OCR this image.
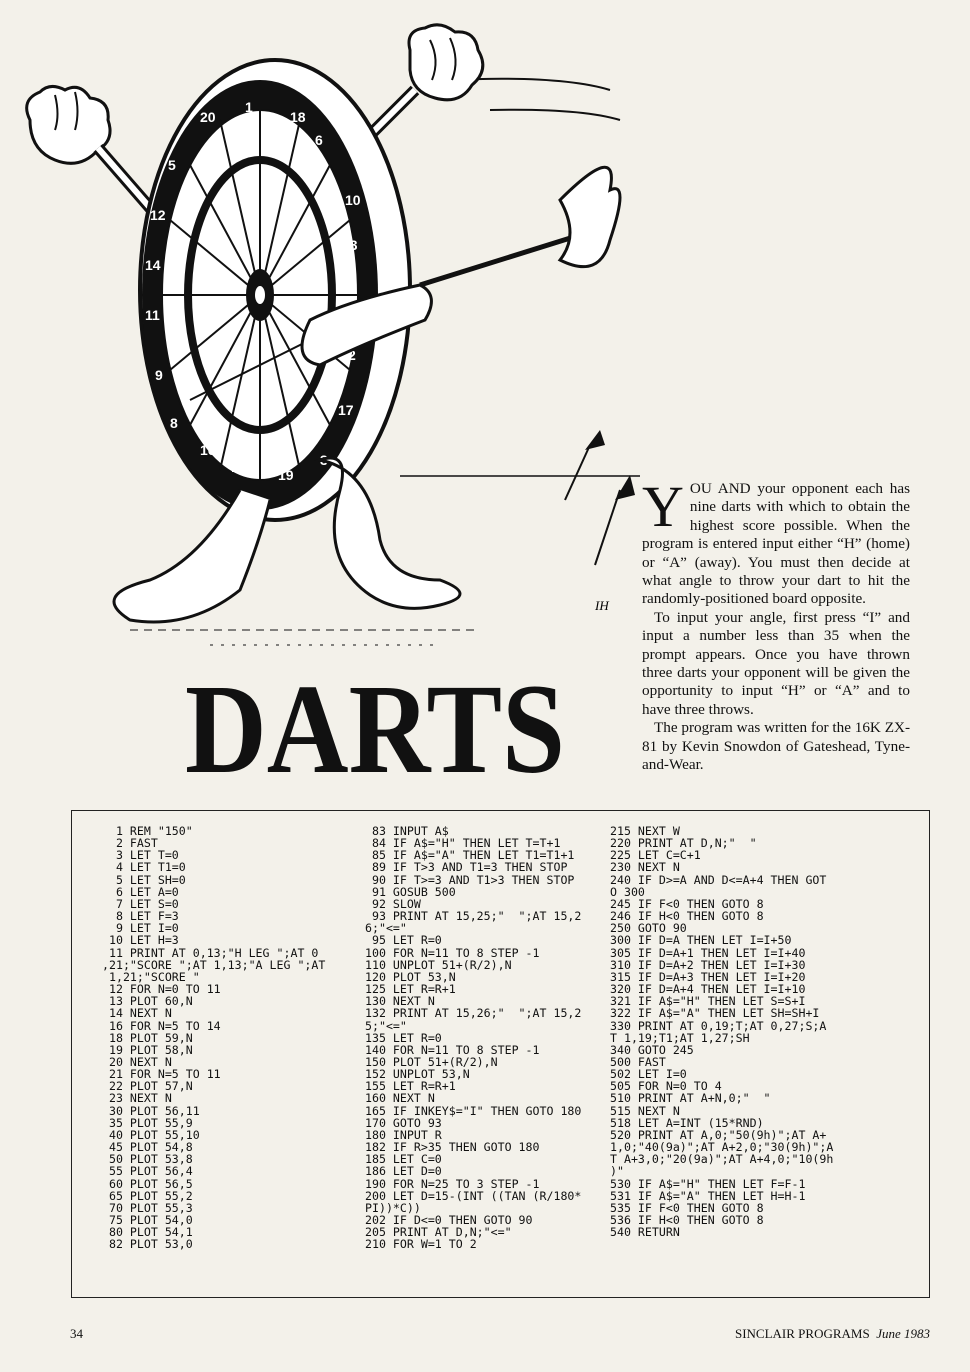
20
1
18
4
13
5
12
9
14
11
8
16
7	19
17
2
10
6
IH
DARTS

YOU AND your opponent each has nine darts with which to obtain the highest score possible. When the program is entered input either “H” (home) or “A” (away). You must then decide at what angle to throw your dart to hit the randomly-positioned board opposite.

To input your angle, first press “I” and input a number less than 35 when the prompt appears. Once you have thrown three darts your opponent will be given the opportunity to input “H” or “A” and to have three throws.

The program was written for the 16K ZX-81 by Kevin Snowdon of Gateshead, Tyne-and-Wear.

1 REM "150"
2 FAST
3 LET T=0
4 LET T1=0
5 LET SH=0
6 LET A=0
7 LET S=0
8 LET F=3
9 LET I=0
10 LET H=3
11 PRINT AT 0,13;"H LEG ";AT 0
,21;"SCORE ";AT 1,13;"A LEG ";AT
1,21;"SCORE "
12 FOR N=0 TO 11
13 PLOT 60,N
14 NEXT N
16 FOR N=5 TO 14
18 PLOT 59,N
19 PLOT 58,N
20 NEXT N
21 FOR N=5 TO 11
22 PLOT 57,N
23 NEXT N
30 PLOT 56,11
35 PLOT 55,9
40 PLOT 55,10
45 PLOT 54,8
50 PLOT 53,8
55 PLOT 56,4
60 PLOT 56,5
65 PLOT 55,2
70 PLOT 55,3
75 PLOT 54,0
80 PLOT 54,1
82 PLOT 53,0
83 INPUT A$
84 IF A$="H" THEN LET T=T+1
85 IF A$="A" THEN LET T1=T1+1
89 IF T>3 AND T1=3 THEN STOP
90 IF T>=3 AND T1>3 THEN STOP
91 GOSUB 500
92 SLOW
93 PRINT AT 15,25;"  ";AT 15,2
6;"<="
95 LET R=0
100 FOR N=11 TO 8 STEP -1
110 UNPLOT 51+(R/2),N
120 PLOT 53,N
125 LET R=R+1
130 NEXT N
132 PRINT AT 15,26;"  ";AT 15,2
5;"<="
135 LET R=0
140 FOR N=11 TO 8 STEP -1
150 PLOT 51+(R/2),N
152 UNPLOT 53,N
155 LET R=R+1
160 NEXT N
165 IF INKEY$="I" THEN GOTO 180
170 GOTO 93
180 INPUT R
182 IF R>35 THEN GOTO 180
185 LET C=0
186 LET D=0
190 FOR N=25 TO 3 STEP -1
200 LET D=15-(INT ((TAN (R/180*
PI))*C))
202 IF D<=0 THEN GOTO 90
205 PRINT AT D,N;"<="
210 FOR W=1 TO 2
215 NEXT W
220 PRINT AT D,N;"  "
225 LET C=C+1
230 NEXT N
240 IF D>=A AND D<=A+4 THEN GOT
O 300
245 IF F<0 THEN GOTO 8
246 IF H<0 THEN GOTO 8
250 GOTO 90
300 IF D=A THEN LET I=I+50
305 IF D=A+1 THEN LET I=I+40
310 IF D=A+2 THEN LET I=I+30
315 IF D=A+3 THEN LET I=I+20
320 IF D=A+4 THEN LET I=I+10
321 IF A$="H" THEN LET S=S+I
322 IF A$="A" THEN LET SH=SH+I
330 PRINT AT 0,19;T;AT 0,27;S;A
T 1,19;T1;AT 1,27;SH
340 GOTO 245
500 FAST
502 LET I=0
505 FOR N=0 TO 4
510 PRINT AT A+N,0;"  "
515 NEXT N
518 LET A=INT (15*RND)
520 PRINT AT A,0;"50(9h)";AT A+
1,0;"40(9a)";AT A+2,0;"30(9h)";A
T A+3,0;"20(9a)";AT A+4,0;"10(9h
)"
530 IF A$="H" THEN LET F=F-1
531 IF A$="A" THEN LET H=H-1
535 IF F<0 THEN GOTO 8
536 IF H<0 THEN GOTO 8
540 RETURN
34	SINCLAIR PROGRAMS June 1983
